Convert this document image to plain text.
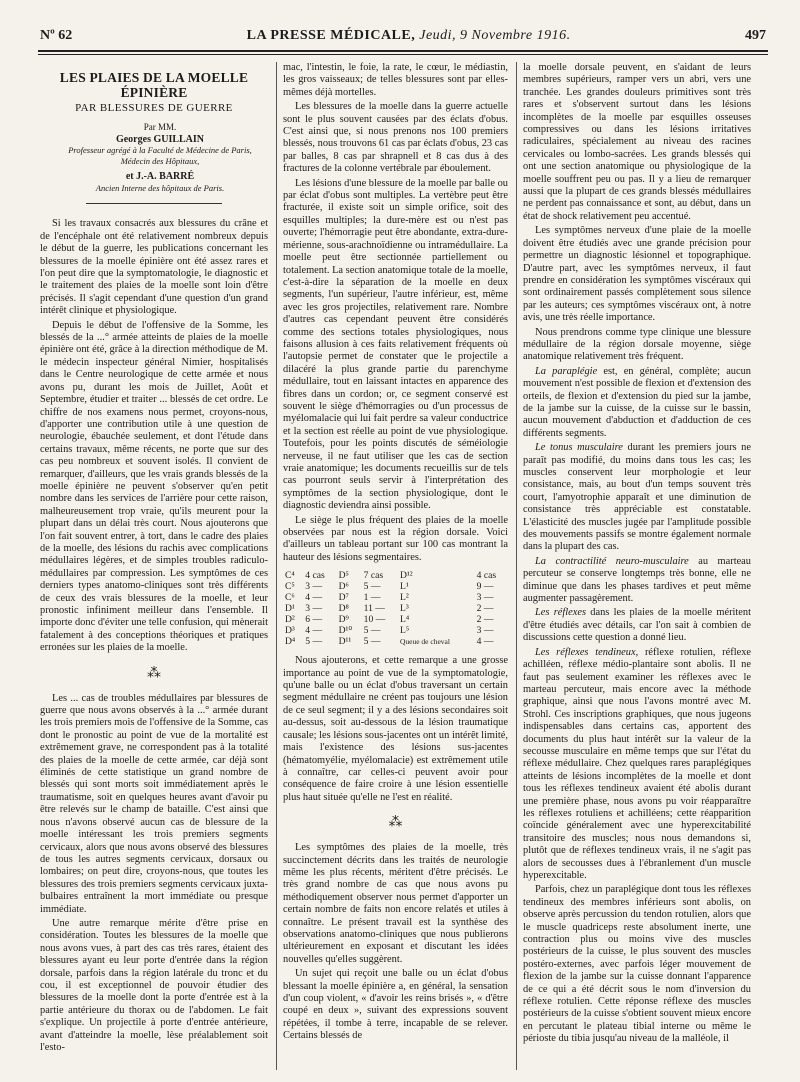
Nº 62	LA PRESSE MÉDICALE, Jeudi, 9 Novembre 1916.	497
LES PLAIES DE LA MOELLE ÉPINIÈRE
PAR BLESSURES DE GUERRE

Par MM.

Georges GUILLAIN

Professeur agrégé à la Faculté de Médecine de Paris,

Médecin des Hôpitaux,

et J.-A. BARRÉ

Ancien Interne des hôpitaux de Paris.

Si les travaux consacrés aux blessures du crâne et de l'encéphale ont été relativement nombreux depuis le début de la guerre, les publications concernant les blessures de la moelle épinière ont été assez rares et l'on peut dire que la symptomatologie, le diagnostic et le traitement des plaies de la moelle sont loin d'être précisés. Il s'agit cependant d'une question d'un grand intérêt clinique et physiologique.

Depuis le début de l'offensive de la Somme, les blessés de la ...° armée atteints de plaies de la moelle épinière ont été, grâce à la direction méthodique de M. le médecin inspecteur général Nimier, hospitalisés dans le Centre neurologique de cette armée et nous avons pu, durant les mois de Juillet, Août et Septembre, étudier et traiter ... blessés de cet ordre. Le chiffre de nos examens nous permet, croyons-nous, d'apporter une contribution utile à une question de neurologie, ébauchée seulement, et dont l'étude dans certains travaux, même récents, ne porte que sur des cas peu nombreux et souvent isolés. Il convient de remarquer, d'ailleurs, que les vrais grands blessés de la moelle épinière ne peuvent s'observer qu'en petit nombre dans les services de l'arrière pour cette raison, malheureusement trop vraie, qu'ils meurent pour la plupart dans un délai très court. Nous ajouterons que l'on fait souvent entrer, à tort, dans le cadre des plaies de la moelle, des lésions du rachis avec complications médullaires légères, et de simples troubles radiculo-médullaires par compression. Les symptômes de ces derniers types anatomo-cliniques sont très différents de ceux des vrais blessures de la moelle, et leur pronostic infiniment meilleur dans l'ensemble. Il importe donc d'éviter une telle confusion, qui mènerait fatalement à des conceptions théoriques et pratiques erronées sur les plaies de la moelle.

⁂

Les ... cas de troubles médullaires par blessures de guerre que nous avons observés à la ...° armée durant les trois premiers mois de l'offensive de la Somme, cas dont le pronostic au point de vue de la mortalité est extrêmement grave, ne correspondent pas à la totalité des plaies de la moelle de cette armée, car déjà sont éliminés de cette statistique un grand nombre de blessés qui sont morts soit immédiatement après le traumatisme, soit en quelques heures avant d'avoir pu être relevés sur le champ de bataille. C'est ainsi que nous n'avons observé aucun cas de blessure de la moelle intéressant les trois premiers segments cervicaux, alors que nous avons observé des blessures de tous les autres segments cervicaux, dorsaux ou lombaires; on peut dire, croyons-nous, que toutes les blessures des trois premiers segments cervicaux juxta-bulbaires entraînent la mort immédiate ou presque immédiate.

Une autre remarque mérite d'être prise en considération. Toutes les blessures de la moelle que nous avons vues, à part des cas très rares, étaient des blessures ayant eu leur porte d'entrée dans la région dorsale, parfois dans la région latérale du tronc et du cou, il est exceptionnel de pouvoir étudier des blessures de la moelle dont la porte d'entrée est à la partie antérieure du thorax ou de l'abdomen. Le fait s'explique. Un projectile à porte d'entrée antérieure, avant d'atteindre la moelle, lèse préalablement soit l'esto-

mac, l'intestin, le foie, la rate, le cœur, le médiastin, les gros vaisseaux; de telles blessures sont par elles-mêmes déjà mortelles.

Les blessures de la moelle dans la guerre actuelle sont le plus souvent causées par des éclats d'obus. C'est ainsi que, si nous prenons nos 100 premiers blessés, nous trouvons 61 cas par éclats d'obus, 23 cas par balles, 8 cas par shrapnell et 8 cas dus à des fractures de la colonne vertébrale par éboulement.

Les lésions d'une blessure de la moelle par balle ou par éclat d'obus sont multiples. La vertèbre peut être fracturée, il existe soit un simple orifice, soit des esquilles multiples; la dure-mère est ou n'est pas ouverte; l'hémorragie peut être abondante, extra-dure-mérienne, sous-arachnoïdienne ou intramédullaire. La moelle peut être sectionnée partiellement ou totalement. La section anatomique totale de la moelle, c'est-à-dire la séparation de la moelle en deux segments, l'un supérieur, l'autre inférieur, est, même avec les gros projectiles, relativement rare. Nombre d'autres cas cependant peuvent être considérés comme des sections totales physiologiques, nous faisons allusion à ces faits relativement fréquents où l'autopsie permet de constater que le projectile a dilacéré la plus grande partie du parenchyme médullaire, tout en laissant intactes en apparence des fibres dans un cordon; or, ce segment conservé est souvent le siège d'hémorragies ou d'un processus de myélomalacie qui lui fait perdre sa valeur conductrice et la section est réelle au point de vue physiologique. Toutefois, pour les points discutés de séméiologie nerveuse, il ne faut utiliser que les cas de section vraie anatomique; les documents recueillis sur de tels cas pourront seuls servir à l'interprétation des symptômes de la section physiologique, dont le diagnostic deviendra ainsi possible.

Le siège le plus fréquent des plaies de la moelle observées par nous est la région dorsale. Voici d'ailleurs un tableau portant sur 100 cas montrant la hauteur des lésions segmentaires.

C⁴	4 cas	D⁵	7 cas	D¹²	4 cas
C⁵	3 —	D⁶	5 —	L¹	9 —
C⁶	4 —	D⁷	1 —	L²	3 —
D¹	3 —	D⁸	11 —	L³	2 —
D²	6 —	D⁹	10 —	L⁴	2 —
D³	4 —	D¹⁰	5 —	L⁵	3 —
D⁴	5 —	D¹¹	5 —	Queue de cheval	4 —

Nous ajouterons, et cette remarque a une grosse importance au point de vue de la symptomatologie, qu'une balle ou un éclat d'obus traversant un certain segment médullaire ne créent pas toujours une lésion de ce seul segment; il y a des lésions secondaires soit au-dessus, soit au-dessous de la lésion traumatique causale; les lésions sous-jacentes ont un intérêt limité, mais l'existence des lésions sus-jacentes (hématomyélie, myélomalacie) est extrêmement utile à connaître, car celles-ci peuvent avoir pour conséquence de faire croire à une lésion essentielle plus haut située qu'elle ne l'est en réalité.

⁂

Les symptômes des plaies de la moelle, très succinctement décrits dans les traités de neurologie même les plus récents, méritent d'être précisés. Le très grand nombre de cas que nous avons pu méthodiquement observer nous permet d'apporter un certain nombre de faits non encore relatés et utiles à connaître. Le présent travail est la synthèse des observations anatomo-cliniques que nous publierons ultérieurement en exposant et discutant les idées nouvelles qu'elles suggèrent.

Un sujet qui reçoit une balle ou un éclat d'obus blessant la moelle épinière a, en général, la sensation d'un coup violent, « d'avoir les reins brisés », « d'être coupé en deux », suivant des expressions souvent répétées, il tombe à terre, incapable de se relever. Certains blessés de

la moelle dorsale peuvent, en s'aidant de leurs membres supérieurs, ramper vers un abri, vers une tranchée. Les grandes douleurs primitives sont très rares et s'observent surtout dans les lésions incomplètes de la moelle par esquilles osseuses compressives ou dans les lésions irritatives radiculaires, spécialement au niveau des racines cervicales ou lombo-sacrées. Les grands blessés qui ont une section anatomique ou physiologique de la moelle souffrent peu ou pas. Il y a lieu de remarquer aussi que la plupart de ces grands blessés médullaires ne perdent pas connaissance et sont, au début, dans un état de shock relativement peu accentué.

Les symptômes nerveux d'une plaie de la moelle doivent être étudiés avec une grande précision pour permettre un diagnostic lésionnel et topographique. D'autre part, avec les symptômes nerveux, il faut prendre en considération les symptômes viscéraux qui sont ordinairement passés complètement sous silence par les auteurs; ces symptômes viscéraux ont, à notre avis, une très réelle importance.

Nous prendrons comme type clinique une blessure médullaire de la région dorsale moyenne, siège anatomique relativement très fréquent.

La paraplégie est, en général, complète; aucun mouvement n'est possible de flexion et d'extension des orteils, de flexion et d'extension du pied sur la jambe, de la jambe sur la cuisse, de la cuisse sur le bassin, aucun mouvement d'abduction et d'adduction de ces différents segments.

Le tonus musculaire durant les premiers jours ne paraît pas modifié, du moins dans tous les cas; les muscles conservent leur morphologie et leur consistance, mais, au bout d'un temps souvent très court, l'amyotrophie apparaît et une diminution de consistance très appréciable est constatable. L'élasticité des muscles jugée par l'amplitude possible des mouvements passifs se montre également normale dans la plupart des cas.

La contractilité neuro-musculaire au marteau percuteur se conserve longtemps très bonne, elle ne diminue que dans les phases tardives et peut même augmenter passagèrement.

Les réflexes dans les plaies de la moelle méritent d'être étudiés avec détails, car l'on sait à combien de discussions cette question a donné lieu.

Les réflexes tendineux, réflexe rotulien, réflexe achilléen, réflexe médio-plantaire sont abolis. Il ne faut pas seulement examiner les réflexes avec le marteau percuteur, mais encore avec la méthode graphique, ainsi que nous l'avons montré avec M. Strohl. Ces inscriptions graphiques, que nous jugeons indispensables dans certains cas, apportent des documents du plus haut intérêt sur la valeur de la secousse musculaire en même temps que sur l'état du réflexe médullaire. Chez quelques rares paraplégiques atteints de lésions incomplètes de la moelle et dont tous les réflexes tendineux avaient été abolis durant une première phase, nous avons pu voir réapparaître les réflexes rotuliens et achilléens; cette réapparition coïncide généralement avec une hyperexcitabilité transitoire des muscles; nous nous demandons si, plutôt que de réflexes tendineux vrais, il ne s'agit pas alors de secousses dues à l'ébranlement d'un muscle hyperexcitable.

Parfois, chez un paraplégique dont tous les réflexes tendineux des membres inférieurs sont abolis, on observe après percussion du tendon rotulien, alors que le muscle quadriceps reste absolument inerte, une contraction plus ou moins vive des muscles postérieurs de la cuisse, le plus souvent des muscles postéro-externes, avec parfois léger mouvement de flexion de la jambe sur la cuisse donnant l'apparence de ce qui a été décrit sous le nom d'inversion du réflexe rotulien. Cette réponse réflexe des muscles postérieurs de la cuisse s'obtient souvent mieux encore en percutant le plateau tibial interne ou même le périoste du tibia jusqu'au niveau de la malléole, il
